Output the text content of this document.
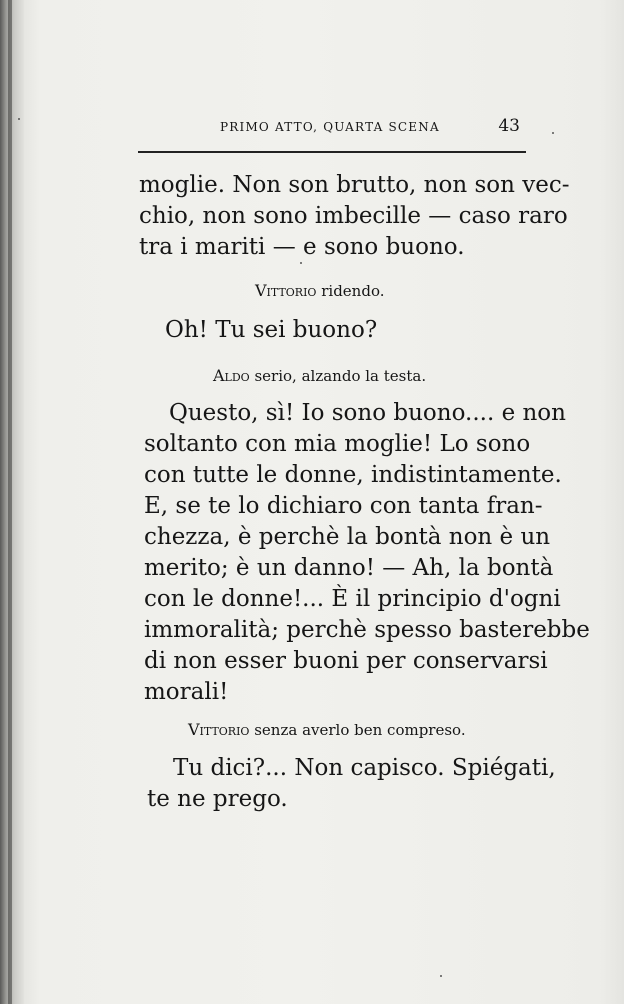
PRIMO ATTO, QUARTA SCENA	43
moglie. Non son brutto, non son vec-
chio, non sono imbecille — caso raro
tra i mariti — e sono buono.
Vittorio ridendo.
Oh! Tu sei buono?
Aldo serio, alzando la testa.
Questo, sì! Io sono buono.... e non
soltanto con mia moglie! Lo sono
con tutte le donne, indistintamente.
E, se te lo dichiaro con tanta fran-
chezza, è perchè la bontà non è un
merito; è un danno! — Ah, la bontà
con le donne!... È il principio d'ogni
immoralità; perchè spesso basterebbe
di non esser buoni per conservarsi
morali!
Vittorio senza averlo ben compreso.
Tu dici?... Non capisco. Spiégati,
te ne prego.
